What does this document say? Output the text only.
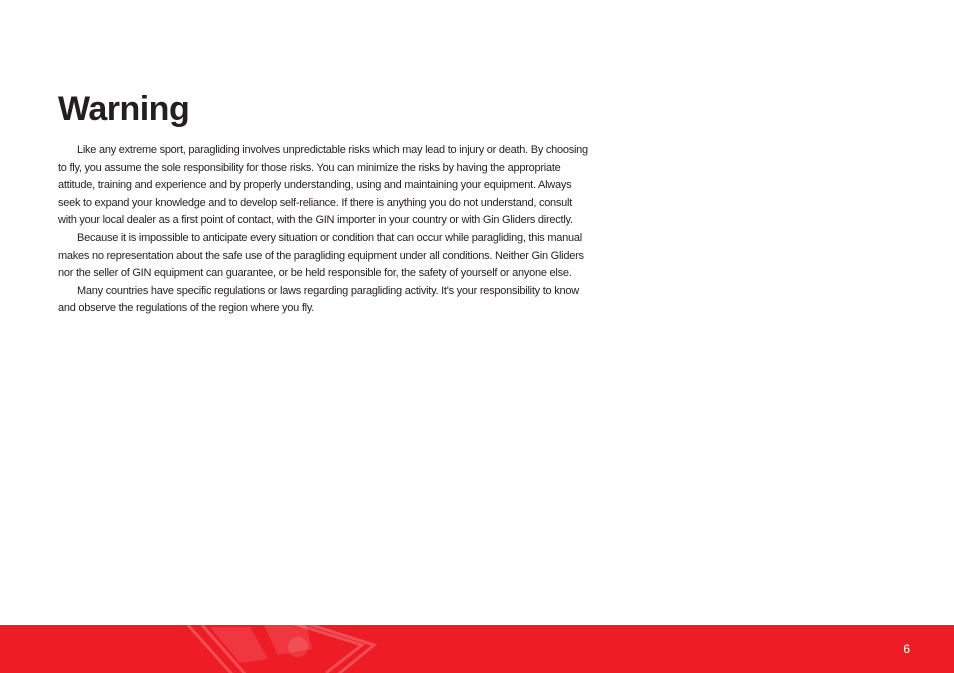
Warning

Like any extreme sport, paragliding involves unpredictable risks which may lead to injury or death. By choosing to fly, you assume the sole responsibility for those risks. You can minimize the risks by having the appropriate attitude, training and experience and by properly understanding, using and maintaining your equipment. Always seek to expand your knowledge and to develop self-reliance. If there is anything you do not understand, consult with your local dealer as a first point of contact, with the GIN importer in your country or with Gin Gliders directly.

Because it is impossible to anticipate every situation or condition that can occur while paragliding, this manual makes no representation about the safe use of the paragliding equipment under all conditions. Neither Gin Gliders nor the seller of GIN equipment can guarantee, or be held responsible for, the safety of yourself or anyone else.

Many countries have specific regulations or laws regarding paragliding activity. It's your responsibility to know and observe the regulations of the region where you fly.

6
